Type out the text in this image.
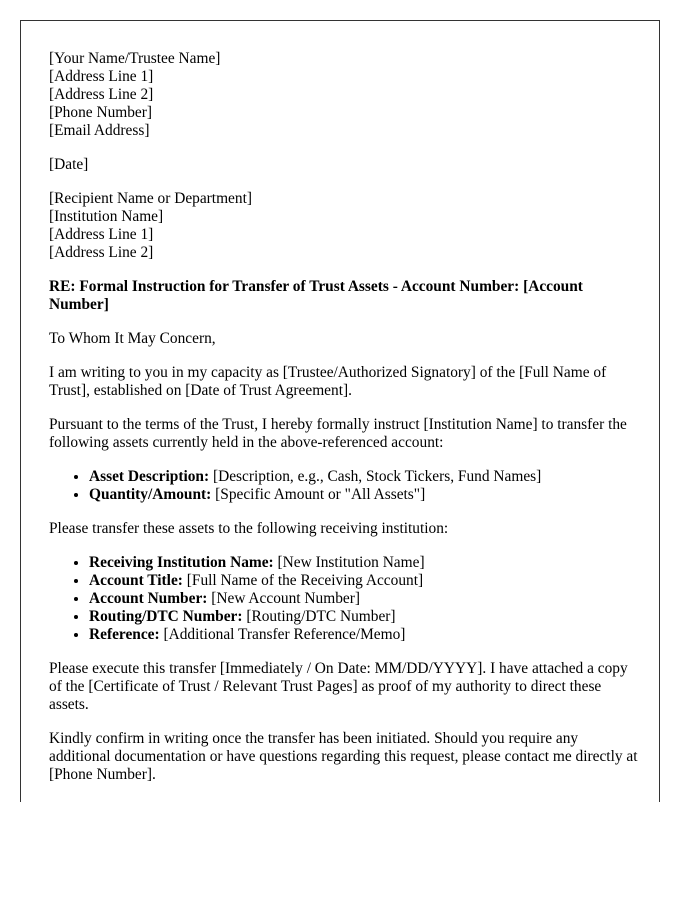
[Your Name/Trustee Name]
[Address Line 1]
[Address Line 2]
[Phone Number]
[Email Address]

[Date]

[Recipient Name or Department]
[Institution Name]
[Address Line 1]
[Address Line 2]

RE: Formal Instruction for Transfer of Trust Assets - Account Number: [Account Number]

To Whom It May Concern,

I am writing to you in my capacity as [Trustee/Authorized Signatory] of the [Full Name of Trust], established on [Date of Trust Agreement].

Pursuant to the terms of the Trust, I hereby formally instruct [Institution Name] to transfer the following assets currently held in the above-referenced account:

• Asset Description: [Description, e.g., Cash, Stock Tickers, Fund Names]
• Quantity/Amount: [Specific Amount or "All Assets"]

Please transfer these assets to the following receiving institution:

• Receiving Institution Name: [New Institution Name]
• Account Title: [Full Name of the Receiving Account]
• Account Number: [New Account Number]
• Routing/DTC Number: [Routing/DTC Number]
• Reference: [Additional Transfer Reference/Memo]

Please execute this transfer [Immediately / On Date: MM/DD/YYYY]. I have attached a copy of the [Certificate of Trust / Relevant Trust Pages] as proof of my authority to direct these assets.

Kindly confirm in writing once the transfer has been initiated. Should you require any additional documentation or have questions regarding this request, please contact me directly at [Phone Number].
